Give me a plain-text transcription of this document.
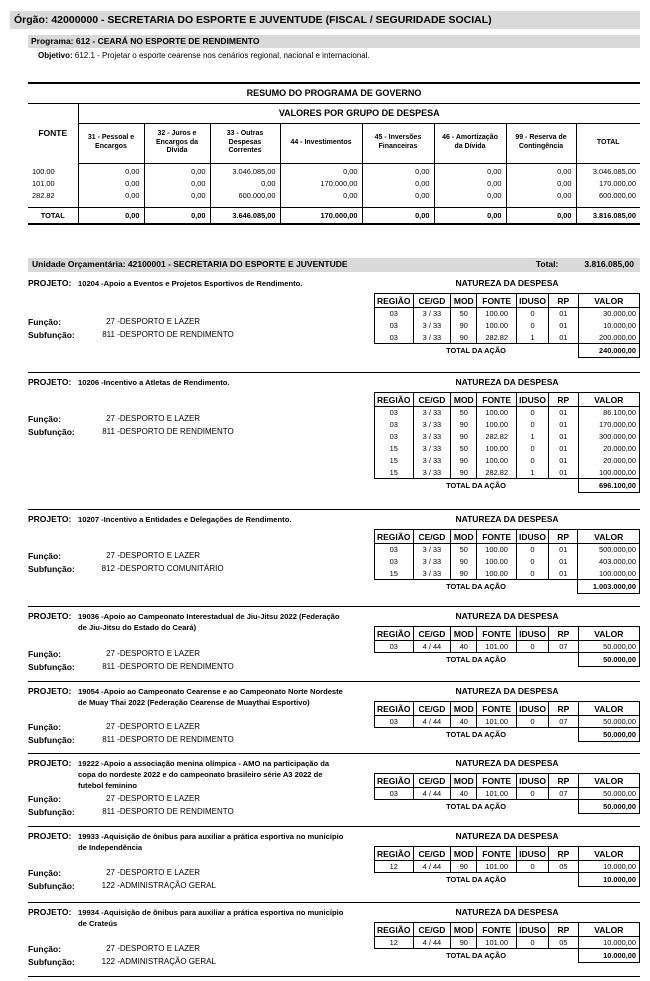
Órgão: 42000000 - SECRETARIA DO ESPORTE E JUVENTUDE (FISCAL / SEGURIDADE SOCIAL)
Programa: 612 - CEARÁ NO ESPORTE DE RENDIMENTO
Objetivo: 612.1 - Projetar o esporte cearense nos cenários regional, nacional e internacional.
RESUMO DO PROGRAMA DE GOVERNO								
FONTE	VALORES POR GRUPO DE DESPESA							
	31 - Pessoal e Encargos	32 - Juros e Encargos da Dívida	33 - Outras Despesas Correntes	44 - Investimentos	45 - Inversões Financeiras	46 - Amortização da Dívida	99 - Reserva de Contingência	TOTAL
100.00	0,00	0,00	3.046.085,00	0,00	0,00	0,00	0,00	3.046.085,00
101.00	0,00	0,00	0,00	170.000,00	0,00	0,00	0,00	170.000,00
282.82	0,00	0,00	600.000,00	0,00	0,00	0,00	0,00	600.000,00

TOTAL	0,00	0,00	3.646.085,00	170.000,00	0,00	0,00	0,00	3.816.085,00
Unidade Orçamentária: 42100001 - SECRETARIA DO ESPORTE E JUVENTUDE	Total:	3.816.085,00
PROJETO: 10204 -Apoio a Eventos e Projetos Esportivos de Rendimento.
Função:	27 - DESPORTO E LAZER
Subfunção:	811 - DESPORTO DE RENDIMENTO
NATUREZA DA DESPESA
REGIÃO	CE/GD	MOD	FONTE	IDUSO	RP	VALOR
03	3 / 33	50	100.00	0	01	30.000,00
03	3 / 33	90	100.00	0	01	10.000,00
03	3 / 33	90	282.82	1	01	200.000,00
TOTAL DA AÇÃO						240.000,00
PROJETO: 10206 -Incentivo a Atletas de Rendimento.
Função:	27 - DESPORTO E LAZER
Subfunção:	811 - DESPORTO DE RENDIMENTO
NATUREZA DA DESPESA
REGIÃO	CE/GD	MOD	FONTE	IDUSO	RP	VALOR
03	3 / 33	50	100.00	0	01	86.100,00
03	3 / 33	90	100.00	0	01	170.000,00
03	3 / 33	90	282.82	1	01	300.000,00
15	3 / 33	50	100.00	0	01	20.000,00
15	3 / 33	90	100.00	0	01	20.000,00
15	3 / 33	90	282.82	1	01	100.000,00
TOTAL DA AÇÃO						696.100,00
PROJETO: 10207 -Incentivo a Entidades e Delegações de Rendimento.
Função:	27 - DESPORTO E LAZER
Subfunção:	812 - DESPORTO COMUNITÁRIO
NATUREZA DA DESPESA
REGIÃO	CE/GD	MOD	FONTE	IDUSO	RP	VALOR
03	3 / 33	50	100.00	0	01	500.000,00
03	3 / 33	90	100.00	0	01	403.000,00
15	3 / 33	90	100.00	0	01	100.000,00
TOTAL DA AÇÃO						1.003.000,00
PROJETO: 19036 -Apoio ao Campeonato Interestadual de Jiu-Jitsu 2022 (Federação de Jiu-Jitsu do Estado do Ceará)
Função:	27 - DESPORTO E LAZER
Subfunção:	811 - DESPORTO DE RENDIMENTO
NATUREZA DA DESPESA
REGIÃO	CE/GD	MOD	FONTE	IDUSO	RP	VALOR
03	4 / 44	40	101.00	0	07	50.000,00
TOTAL DA AÇÃO						50.000,00
PROJETO: 19054 -Apoio ao Campeonato Cearense e ao Campeonato Norte Nordeste de Muay Thai 2022 (Federação Cearense de Muaythai Esportivo)
Função:	27 - DESPORTO E LAZER
Subfunção:	811 - DESPORTO DE RENDIMENTO
NATUREZA DA DESPESA
REGIÃO	CE/GD	MOD	FONTE	IDUSO	RP	VALOR
03	4 / 44	40	101.00	0	07	50.000,00
TOTAL DA AÇÃO						50.000,00
PROJETO: 19222 -Apoio a associação menina olímpica - AMO na participação da copa do nordeste 2022 e do campeonato brasileiro série A3 2022 de futebol feminino
Função:	27 - DESPORTO E LAZER
Subfunção:	811 - DESPORTO DE RENDIMENTO
NATUREZA DA DESPESA
REGIÃO	CE/GD	MOD	FONTE	IDUSO	RP	VALOR
03	4 / 44	40	101.00	0	07	50.000,00
TOTAL DA AÇÃO						50.000,00
PROJETO: 19933 -Aquisição de ônibus para auxiliar a prática esportiva no município de Independência
Função:	27 - DESPORTO E LAZER
Subfunção:	122 - ADMINISTRAÇÃO GERAL
NATUREZA DA DESPESA
REGIÃO	CE/GD	MOD	FONTE	IDUSO	RP	VALOR
12	4 / 44	90	101.00	0	05	10.000,00
TOTAL DA AÇÃO						10.000,00
PROJETO: 19934 -Aquisição de ônibus para auxiliar a prática esportiva no município de Crateús
Função:	27 - DESPORTO E LAZER
Subfunção:	122 - ADMINISTRAÇÃO GERAL
NATUREZA DA DESPESA
REGIÃO	CE/GD	MOD	FONTE	IDUSO	RP	VALOR
12	4 / 44	90	101.00	0	05	10.000,00
TOTAL DA AÇÃO						10.000,00
